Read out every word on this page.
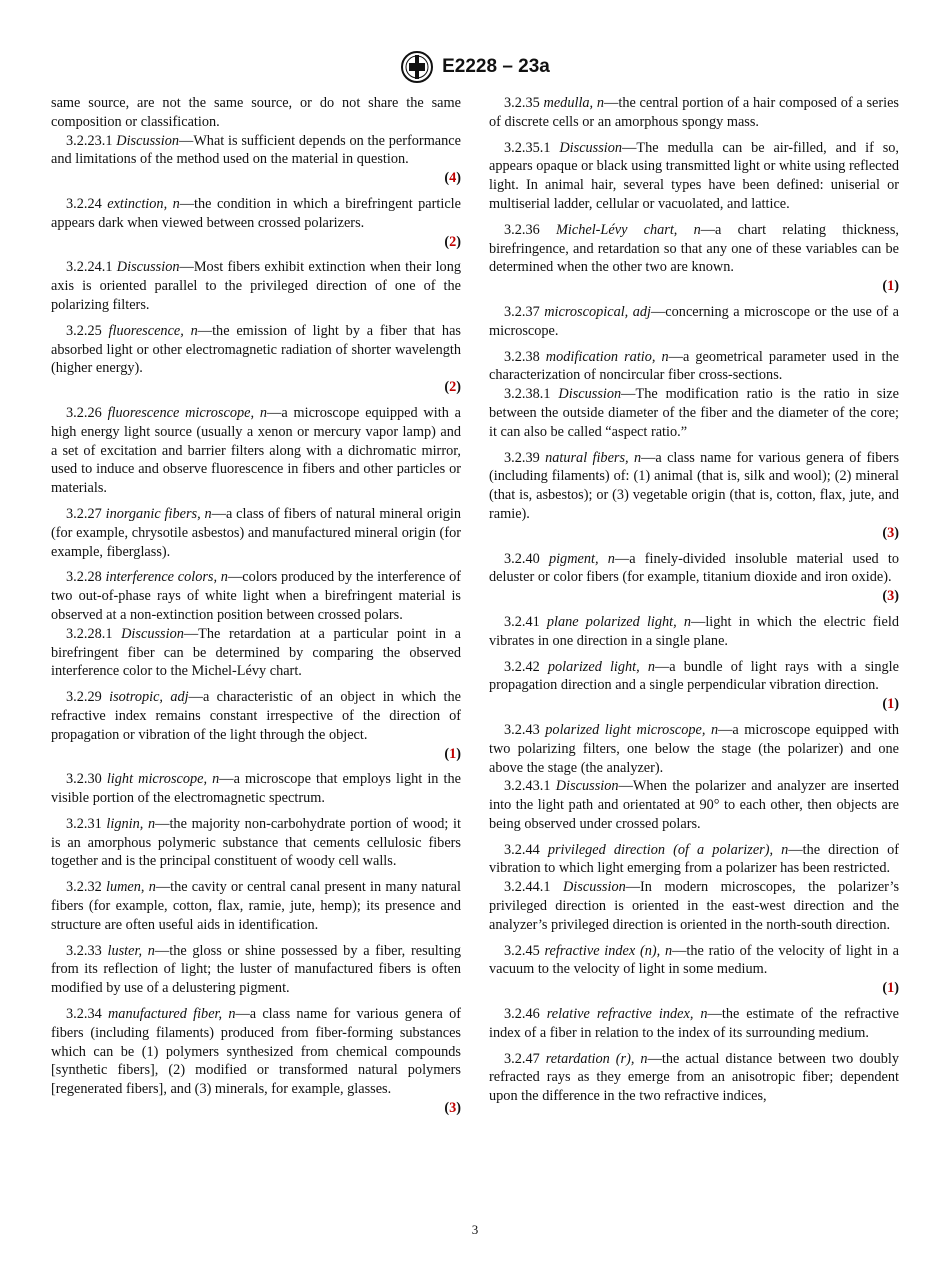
E2228 – 23a

same source, are not the same source, or do not share the same composition or classification.

3.2.23.1 Discussion—What is sufficient depends on the performance and limitations of the method used on the material in question.

(4)

3.2.24 extinction, n—the condition in which a birefringent particle appears dark when viewed between crossed polarizers.

(2)

3.2.24.1 Discussion—Most fibers exhibit extinction when their long axis is oriented parallel to the privileged direction of one of the polarizing filters.

3.2.25 fluorescence, n—the emission of light by a fiber that has absorbed light or other electromagnetic radiation of shorter wavelength (higher energy).

(2)

3.2.26 fluorescence microscope, n—a microscope equipped with a high energy light source (usually a xenon or mercury vapor lamp) and a set of excitation and barrier filters along with a dichromatic mirror, used to induce and observe fluorescence in fibers and other particles or materials.

3.2.27 inorganic fibers, n—a class of fibers of natural mineral origin (for example, chrysotile asbestos) and manufactured mineral origin (for example, fiberglass).

3.2.28 interference colors, n—colors produced by the interference of two out-of-phase rays of white light when a birefringent material is observed at a non-extinction position between crossed polars.

3.2.28.1 Discussion—The retardation at a particular point in a birefringent fiber can be determined by comparing the observed interference color to the Michel-Lévy chart.

3.2.29 isotropic, adj—a characteristic of an object in which the refractive index remains constant irrespective of the direction of propagation or vibration of the light through the object.

(1)

3.2.30 light microscope, n—a microscope that employs light in the visible portion of the electromagnetic spectrum.

3.2.31 lignin, n—the majority non-carbohydrate portion of wood; it is an amorphous polymeric substance that cements cellulosic fibers together and is the principal constituent of woody cell walls.

3.2.32 lumen, n—the cavity or central canal present in many natural fibers (for example, cotton, flax, ramie, jute, hemp); its presence and structure are often useful aids in identification.

3.2.33 luster, n—the gloss or shine possessed by a fiber, resulting from its reflection of light; the luster of manufactured fibers is often modified by use of a delustering pigment.

3.2.34 manufactured fiber, n—a class name for various genera of fibers (including filaments) produced from fiber-forming substances which can be (1) polymers synthesized from chemical compounds [synthetic fibers], (2) modified or transformed natural polymers [regenerated fibers], and (3) minerals, for example, glasses.

(3)

3.2.35 medulla, n—the central portion of a hair composed of a series of discrete cells or an amorphous spongy mass.

3.2.35.1 Discussion—The medulla can be air-filled, and if so, appears opaque or black using transmitted light or white using reflected light. In animal hair, several types have been defined: uniserial or multiserial ladder, cellular or vacuolated, and lattice.

3.2.36 Michel-Lévy chart, n—a chart relating thickness, birefringence, and retardation so that any one of these variables can be determined when the other two are known.

(1)

3.2.37 microscopical, adj—concerning a microscope or the use of a microscope.

3.2.38 modification ratio, n—a geometrical parameter used in the characterization of noncircular fiber cross-sections.

3.2.38.1 Discussion—The modification ratio is the ratio in size between the outside diameter of the fiber and the diameter of the core; it can also be called “aspect ratio.”

3.2.39 natural fibers, n—a class name for various genera of fibers (including filaments) of: (1) animal (that is, silk and wool); (2) mineral (that is, asbestos); or (3) vegetable origin (that is, cotton, flax, jute, and ramie).

(3)

3.2.40 pigment, n—a finely-divided insoluble material used to deluster or color fibers (for example, titanium dioxide and iron oxide).

(3)

3.2.41 plane polarized light, n—light in which the electric field vibrates in one direction in a single plane.

3.2.42 polarized light, n—a bundle of light rays with a single propagation direction and a single perpendicular vibration direction.

(1)

3.2.43 polarized light microscope, n—a microscope equipped with two polarizing filters, one below the stage (the polarizer) and one above the stage (the analyzer).

3.2.43.1 Discussion—When the polarizer and analyzer are inserted into the light path and orientated at 90° to each other, then objects are being observed under crossed polars.

3.2.44 privileged direction (of a polarizer), n—the direction of vibration to which light emerging from a polarizer has been restricted.

3.2.44.1 Discussion—In modern microscopes, the polarizer’s privileged direction is oriented in the east-west direction and the analyzer’s privileged direction is oriented in the north-south direction.

3.2.45 refractive index (n), n—the ratio of the velocity of light in a vacuum to the velocity of light in some medium.

(1)

3.2.46 relative refractive index, n—the estimate of the refractive index of a fiber in relation to the index of its surrounding medium.

3.2.47 retardation (r), n—the actual distance between two doubly refracted rays as they emerge from an anisotropic fiber; dependent upon the difference in the two refractive indices,

3
